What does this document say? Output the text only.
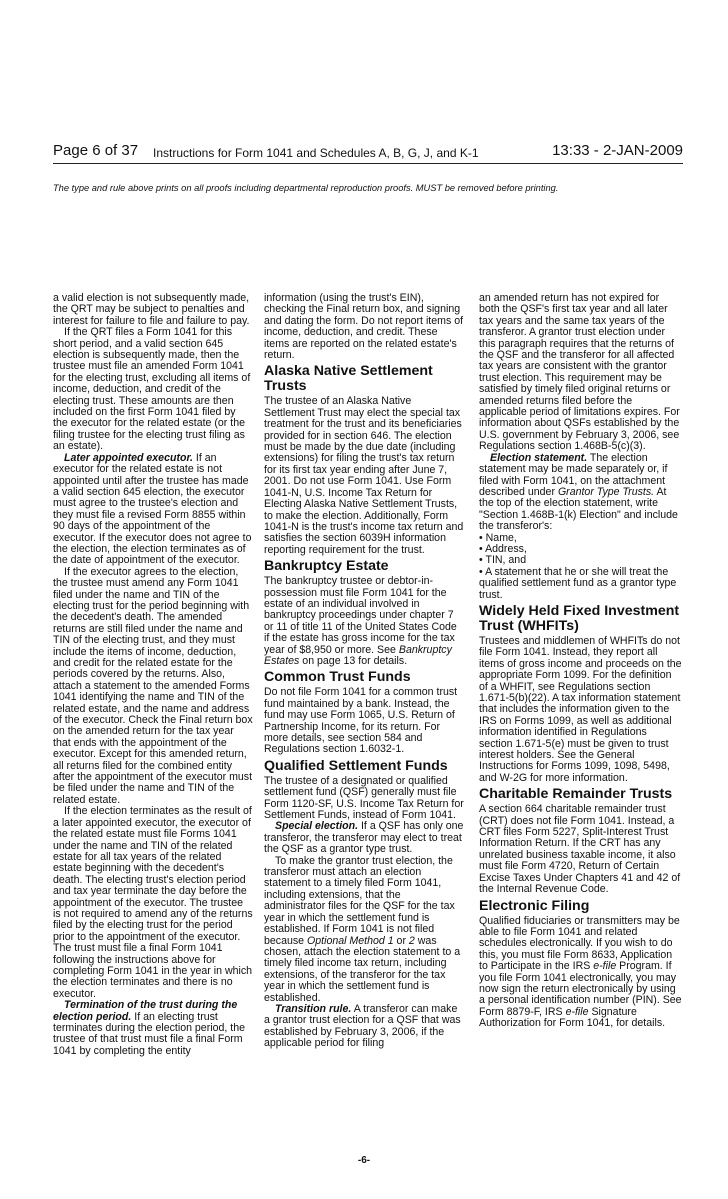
Page 6 of 37 Instructions for Form 1041 and Schedules A, B, G, J, and K-1	13:33 - 2-JAN-2009
The type and rule above prints on all proofs including departmental reproduction proofs. MUST be removed before printing.

a valid election is not subsequently made, the QRT may be subject to penalties and interest for failure to file and failure to pay.

If the QRT files a Form 1041 for this short period, and a valid section 645 election is subsequently made, then the trustee must file an amended Form 1041 for the electing trust, excluding all items of income, deduction, and credit of the electing trust. These amounts are then included on the first Form 1041 filed by the executor for the related estate (or the filing trustee for the electing trust filing as an estate).

Later appointed executor. If an executor for the related estate is not appointed until after the trustee has made a valid section 645 election, the executor must agree to the trustee's election and they must file a revised Form 8855 within 90 days of the appointment of the executor. If the executor does not agree to the election, the election terminates as of the date of appointment of the executor.

If the executor agrees to the election, the trustee must amend any Form 1041 filed under the name and TIN of the electing trust for the period beginning with the decedent's death. The amended returns are still filed under the name and TIN of the electing trust, and they must include the items of income, deduction, and credit for the related estate for the periods covered by the returns. Also, attach a statement to the amended Forms 1041 identifying the name and TIN of the related estate, and the name and address of the executor. Check the Final return box on the amended return for the tax year that ends with the appointment of the executor. Except for this amended return, all returns filed for the combined entity after the appointment of the executor must be filed under the name and TIN of the related estate.

If the election terminates as the result of a later appointed executor, the executor of the related estate must file Forms 1041 under the name and TIN of the related estate for all tax years of the related estate beginning with the decedent's death. The electing trust's election period and tax year terminate the day before the appointment of the executor. The trustee is not required to amend any of the returns filed by the electing trust for the period prior to the appointment of the executor. The trust must file a final Form 1041 following the instructions above for completing Form 1041 in the year in which the election terminates and there is no executor.

Termination of the trust during the election period. If an electing trust terminates during the election period, the trustee of that trust must file a final Form 1041 by completing the entity

information (using the trust's EIN), checking the Final return box, and signing and dating the form. Do not report items of income, deduction, and credit. These items are reported on the related estate's return.

Alaska Native Settlement Trusts

The trustee of an Alaska Native Settlement Trust may elect the special tax treatment for the trust and its beneficiaries provided for in section 646. The election must be made by the due date (including extensions) for filing the trust's tax return for its first tax year ending after June 7, 2001. Do not use Form 1041. Use Form 1041-N, U.S. Income Tax Return for Electing Alaska Native Settlement Trusts, to make the election. Additionally, Form 1041-N is the trust's income tax return and satisfies the section 6039H information reporting requirement for the trust.

Bankruptcy Estate

The bankruptcy trustee or debtor-in-possession must file Form 1041 for the estate of an individual involved in bankruptcy proceedings under chapter 7 or 11 of title 11 of the United States Code if the estate has gross income for the tax year of $8,950 or more. See Bankruptcy Estates on page 13 for details.

Common Trust Funds

Do not file Form 1041 for a common trust fund maintained by a bank. Instead, the fund may use Form 1065, U.S. Return of Partnership Income, for its return. For more details, see section 584 and Regulations section 1.6032-1.

Qualified Settlement Funds

The trustee of a designated or qualified settlement fund (QSF) generally must file Form 1120-SF, U.S. Income Tax Return for Settlement Funds, instead of Form 1041.

Special election. If a QSF has only one transferor, the transferor may elect to treat the QSF as a grantor type trust.

To make the grantor trust election, the transferor must attach an election statement to a timely filed Form 1041, including extensions, that the administrator files for the QSF for the tax year in which the settlement fund is established. If Form 1041 is not filed because Optional Method 1 or 2 was chosen, attach the election statement to a timely filed income tax return, including extensions, of the transferor for the tax year in which the settlement fund is established.

Transition rule. A transferor can make a grantor trust election for a QSF that was established by February 3, 2006, if the applicable period for filing

an amended return has not expired for both the QSF's first tax year and all later tax years and the same tax years of the transferor. A grantor trust election under this paragraph requires that the returns of the QSF and the transferor for all affected tax years are consistent with the grantor trust election. This requirement may be satisfied by timely filed original returns or amended returns filed before the applicable period of limitations expires. For information about QSFs established by the U.S. government by February 3, 2006, see Regulations section 1.468B-5(c)(3).

Election statement. The election statement may be made separately or, if filed with Form 1041, on the attachment described under Grantor Type Trusts. At the top of the election statement, write "Section 1.468B-1(k) Election" and include the transferor's:

• Name,
• Address,
• TIN, and
• A statement that he or she will treat the qualified settlement fund as a grantor type trust.
Widely Held Fixed Investment Trust (WHFITs)

Trustees and middlemen of WHFITs do not file Form 1041. Instead, they report all items of gross income and proceeds on the appropriate Form 1099. For the definition of a WHFIT, see Regulations section 1.671-5(b)(22). A tax information statement that includes the information given to the IRS on Forms 1099, as well as additional information identified in Regulations section 1.671-5(e) must be given to trust interest holders. See the General Instructions for Forms 1099, 1098, 5498, and W-2G for more information.

Charitable Remainder Trusts

A section 664 charitable remainder trust (CRT) does not file Form 1041. Instead, a CRT files Form 5227, Split-Interest Trust Information Return. If the CRT has any unrelated business taxable income, it also must file Form 4720, Return of Certain Excise Taxes Under Chapters 41 and 42 of the Internal Revenue Code.

Electronic Filing

Qualified fiduciaries or transmitters may be able to file Form 1041 and related schedules electronically. If you wish to do this, you must file Form 8633, Application to Participate in the IRS e-file Program. If you file Form 1041 electronically, you may now sign the return electronically by using a personal identification number (PIN). See Form 8879-F, IRS e-file Signature Authorization for Form 1041, for details.

-6-
